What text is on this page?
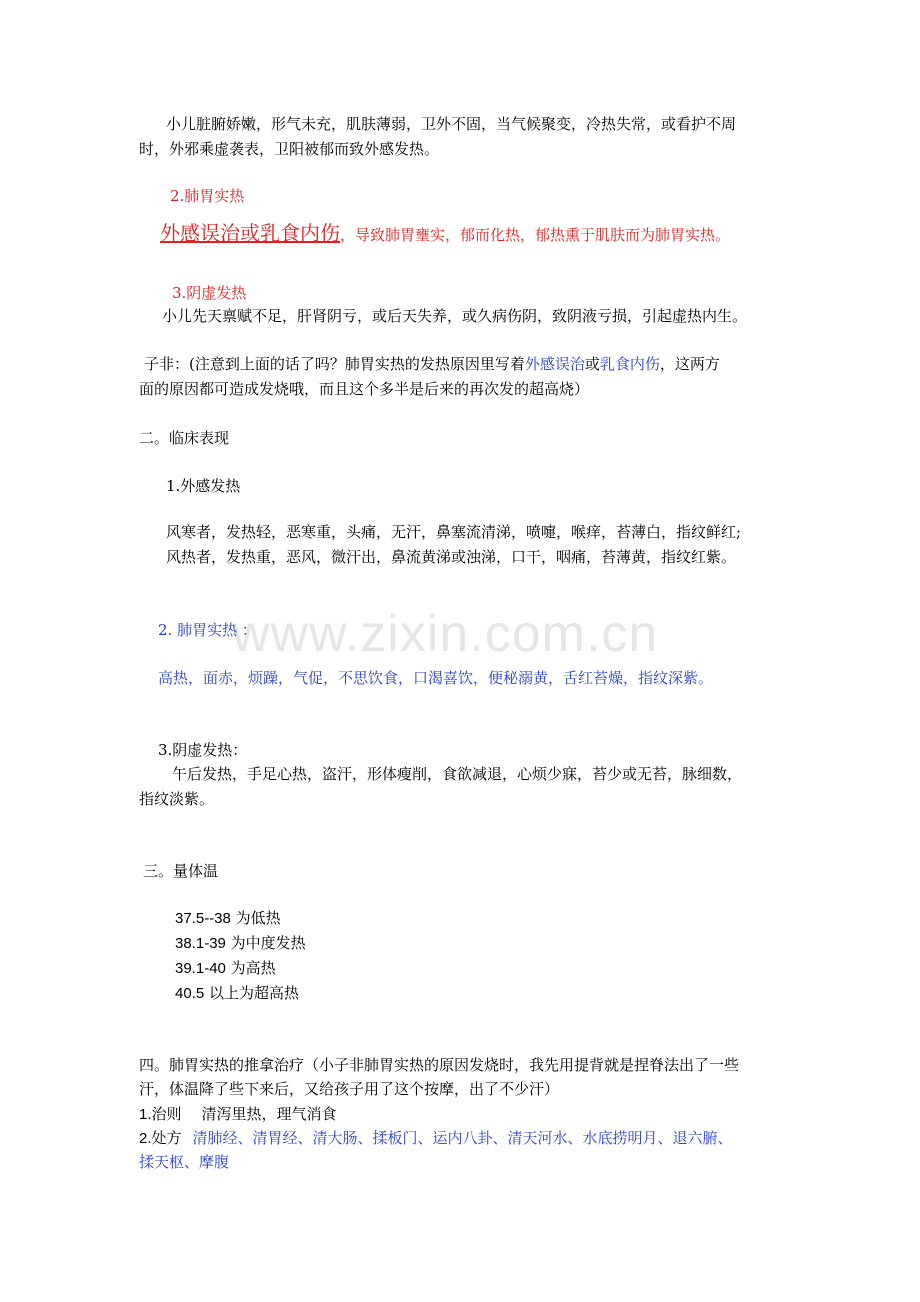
www.zixin.com.cn
小儿脏腑娇嫩，形气未充，肌肤薄弱，卫外不固，当气候聚变，冷热失常，或看护不周
时，外邪乘虚袭表，卫阳被郁而致外感发热。
2.肺胃实热
外感误治或乳食内伤，导致肺胃壅实，郁而化热，郁热熏于肌肤而为肺胃实热。
3.阴虚发热
小儿先天禀赋不足，肝肾阴亏，或后天失养，或久病伤阴，致阴液亏损，引起虚热内生。
子非：(注意到上面的话了吗？肺胃实热的发热原因里写着外感误治或乳食内伤，这两方
面的原因都可造成发烧哦，而且这个多半是后来的再次发的超高烧）
二。临床表现
1.外感发热
风寒者，发热轻，恶寒重，头痛，无汗，鼻塞流清涕，喷嚏，喉痒，苔薄白，指纹鲜红;
风热者，发热重，恶风，微汗出，鼻流黄涕或浊涕，口干，咽痛，苔薄黄，指纹红紫。
2. 肺胃实热 ：
高热，面赤，烦躁，气促，不思饮食，口渴喜饮，便秘溺黄，舌红苔燥，指纹深紫。
3.阴虚发热：
午后发热，手足心热，盗汗，形体瘦削，食欲减退，心烦少寐，苔少或无苔，脉细数，
指纹淡紫。
三。量体温
37.5--38 为低热
38.1-39 为中度发热
39.1-40 为高热
40.5 以上为超高热
四。肺胃实热的推拿治疗（小子非肺胃实热的原因发烧时，我先用提背就是捏脊法出了一些
汗，体温降了些下来后，又给孩子用了这个按摩，出了不少汗）
1.治则 清泻里热，理气消食
2.处方 清肺经、清胃经、清大肠、揉板门、运内八卦、清天河水、水底捞明月、退六腑、
揉天枢、摩腹
